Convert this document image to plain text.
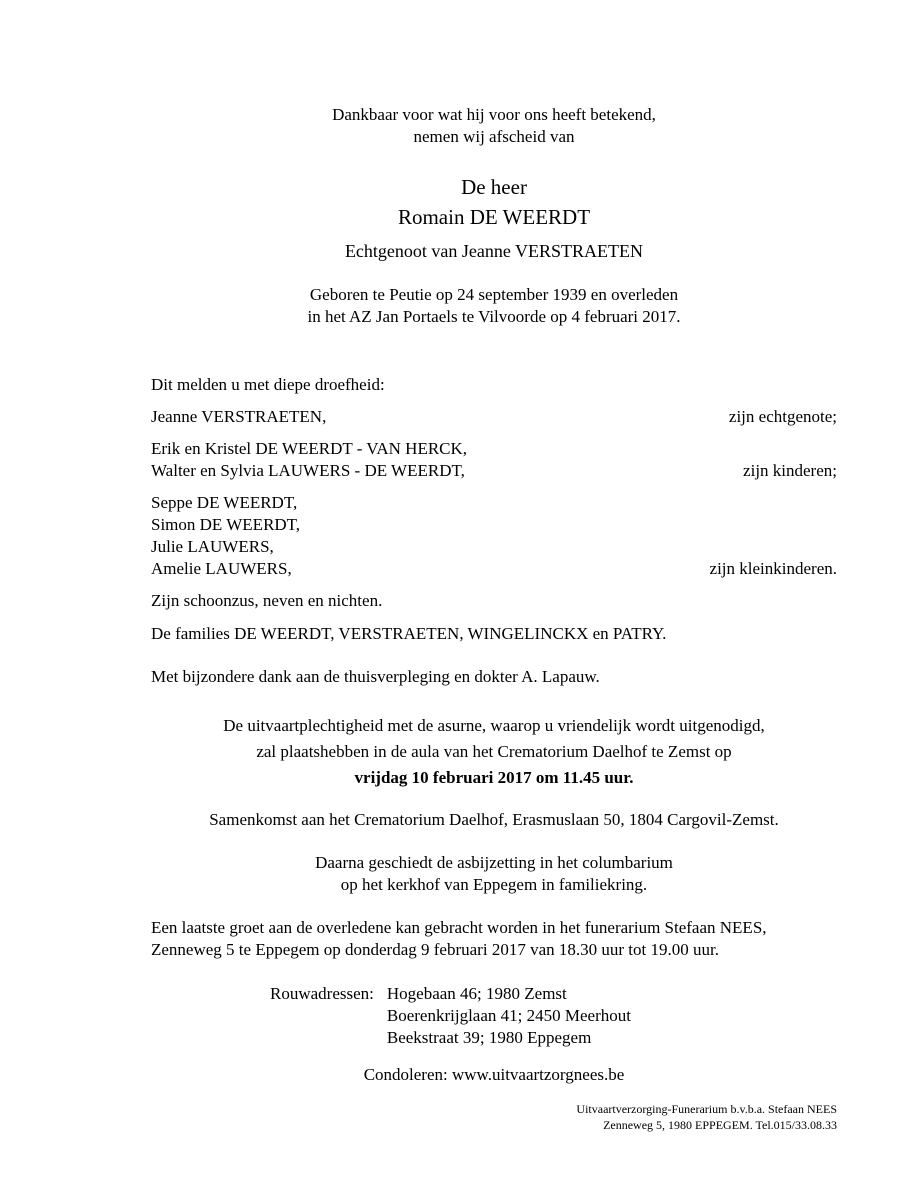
Dankbaar voor wat hij voor ons heeft betekend,
nemen wij afscheid van
De heer
Romain DE WEERDT
Echtgenoot van Jeanne VERSTRAETEN
Geboren te Peutie op 24 september 1939 en overleden
in het AZ Jan Portaels te Vilvoorde op 4 februari 2017.
Dit melden u met diepe droefheid:
Jeanne VERSTRAETEN,	zijn echtgenote;
Erik en Kristel DE WEERDT - VAN HERCK,
Walter en Sylvia LAUWERS - DE WEERDT,	zijn kinderen;
Seppe DE WEERDT,
Simon DE WEERDT,
Julie LAUWERS,
Amelie LAUWERS,	zijn kleinkinderen.
Zijn schoonzus, neven en nichten.
De families DE WEERDT, VERSTRAETEN, WINGELINCKX en PATRY.
Met bijzondere dank aan de thuisverpleging en dokter A. Lapauw.
De uitvaartplechtigheid met de asurne, waarop u vriendelijk wordt uitgenodigd,
zal plaatshebben in de aula van het Crematorium Daelhof te Zemst op
vrijdag 10 februari 2017 om 11.45 uur.
Samenkomst aan het Crematorium Daelhof, Erasmuslaan 50, 1804 Cargovil-Zemst.
Daarna geschiedt de asbijzetting in het columbarium
op het kerkhof van Eppegem in familiekring.
Een laatste groet aan de overledene kan gebracht worden in het funerarium Stefaan NEES,
Zenneweg 5 te Eppegem op donderdag 9 februari 2017 van 18.30 uur tot 19.00 uur.
Rouwadressen: Hogebaan 46; 1980 Zemst
Boerenkrijglaan 41; 2450 Meerhout
Beekstraat 39; 1980 Eppegem
Condoleren: www.uitvaartzorgnees.be
Uitvaartverzorging-Funerarium b.v.b.a. Stefaan NEES
Zenneweg 5, 1980 EPPEGEM. Tel.015/33.08.33
